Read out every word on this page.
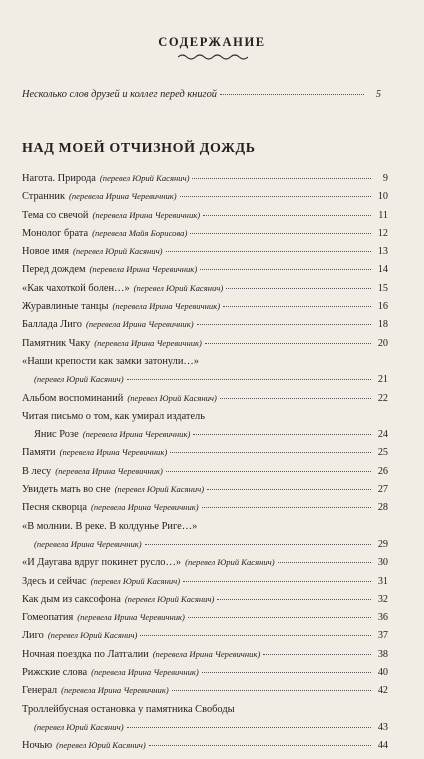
СОДЕРЖАНИЕ
Несколько слов друзей и коллег перед книгой	5
НАД МОЕЙ ОТЧИЗНОЙ ДОЖДЬ
Нагота. Природа (перевел Юрий Касянич)	9
Странник (перевела Ирина Черевичник)	10
Тема со свечой (перевела Ирина Черевичник)	11
Монолог брата (перевела Майя Борисова)	12
Новое имя (перевел Юрий Касянич)	13
Перед дождем (перевела Ирина Черевичник)	14
«Как чахоткой болен…» (перевел Юрий Касянич)	15
Журавлиные танцы (перевела Ирина Черевичник)	16
Баллада Лиго (перевела Ирина Черевичник)	18
Памятник Чаку (перевела Ирина Черевичник)	20
«Наши крепости как замки затонули…»
(перевел Юрий Касянич)	21
Альбом воспоминаний (перевел Юрий Касянич)	22
Читая письмо о том, как умирал издатель
Янис Розе (перевела Ирина Черевичник)	24
Памяти (перевела Ирина Черевичник)	25
В лесу (перевела Ирина Черевичник)	26
Увидеть мать во сне (перевел Юрий Касянич)	27
Песня скворца (перевела Ирина Черевичник)	28
«В молнии. В реке. В колдунье Риге…»
(перевела Ирина Черевичник)	29
«И Даугава вдруг покинет русло…» (перевел Юрий Касянич)	30
Здесь и сейчас (перевел Юрий Касянич)	31
Как дым из саксофона (перевел Юрий Касянич)	32
Гомеопатия (перевела Ирина Черевичник)	36
Лиго (перевел Юрий Касянич)	37
Ночная поездка по Латгалии (перевела Ирина Черевичник)	38
Рижские слова (перевела Ирина Черевичник)	40
Генерал (перевела Ирина Черевичник)	42
Троллейбусная остановка у памятника Свободы
(перевел Юрий Касянич)	43
Ночью (перевел Юрий Касянич)	44
